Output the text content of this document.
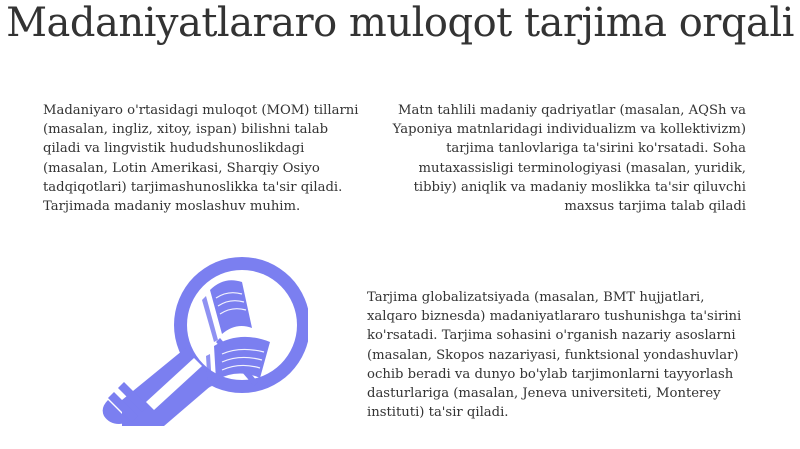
Madaniyatlararo muloqot tarjima orqali

Madaniyaro o'rtasidagi muloqot (MOM) tillarni (masalan, ingliz, xitoy, ispan) bilishni talab qiladi va lingvistik hududshunoslikdagi (masalan, Lotin Amerikasi, Sharqiy Osiyo tadqiqotlari) tarjimashunoslikka ta'sir qiladi. Tarjimada madaniy moslashuv muhim.

Matn tahlili madaniy qadriyatlar (masalan, AQSh va Yaponiya matnlaridagi individualizm va kollektivizm) tarjima tanlovlariga ta'sirini ko'rsatadi. Soha mutaxassisligi terminologiyasi (masalan, yuridik, tibbiy) aniqlik va madaniy moslikka ta'sir qiluvchi maxsus tarjima talab qiladi

Tarjima globalizatsiyada (masalan, BMT hujjatlari, xalqaro biznesda) madaniyatlararo tushunishga ta'sirini ko'rsatadi. Tarjima sohasini o'rganish nazariy asoslarni (masalan, Skopos nazariyasi, funktsional yondashuvlar) ochib beradi va dunyo bo'ylab tarjimonlarni tayyorlash dasturlariga (masalan, Jeneva universiteti, Monterey instituti) ta'sir qiladi.
